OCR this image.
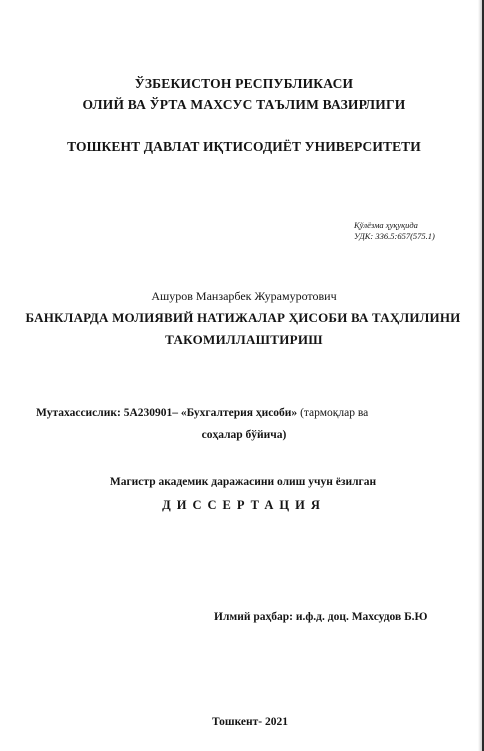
ЎЗБЕКИСТОН РЕСПУБЛИКАСИ
ОЛИЙ ВА ЎРТА МАХСУС ТАЪЛИМ ВАЗИРЛИГИ
ТОШКЕНТ ДАВЛАТ ИҚТИСОДИЁТ УНИВЕРСИТЕТИ
Қўлёзма ҳуқуқида
УДК: 336.5:657(575.1)
Ашуров Манзарбек Журамуротович
БАНКЛАРДА МОЛИЯВИЙ НАТИЖАЛАР ҲИСОБИ ВА ТАҲЛИЛИНИ
ТАКОМИЛЛАШТИРИШ
Мутахассислик: 5А230901– «Бухгалтерия ҳисоби» (тармоқлар ва
соҳалар бўйича)
Магистр академик даражасини олиш учун ёзилган
ДИССЕРТАЦИЯ
Илмий раҳбар: и.ф.д. доц. Махсудов Б.Ю
Тошкент- 2021
